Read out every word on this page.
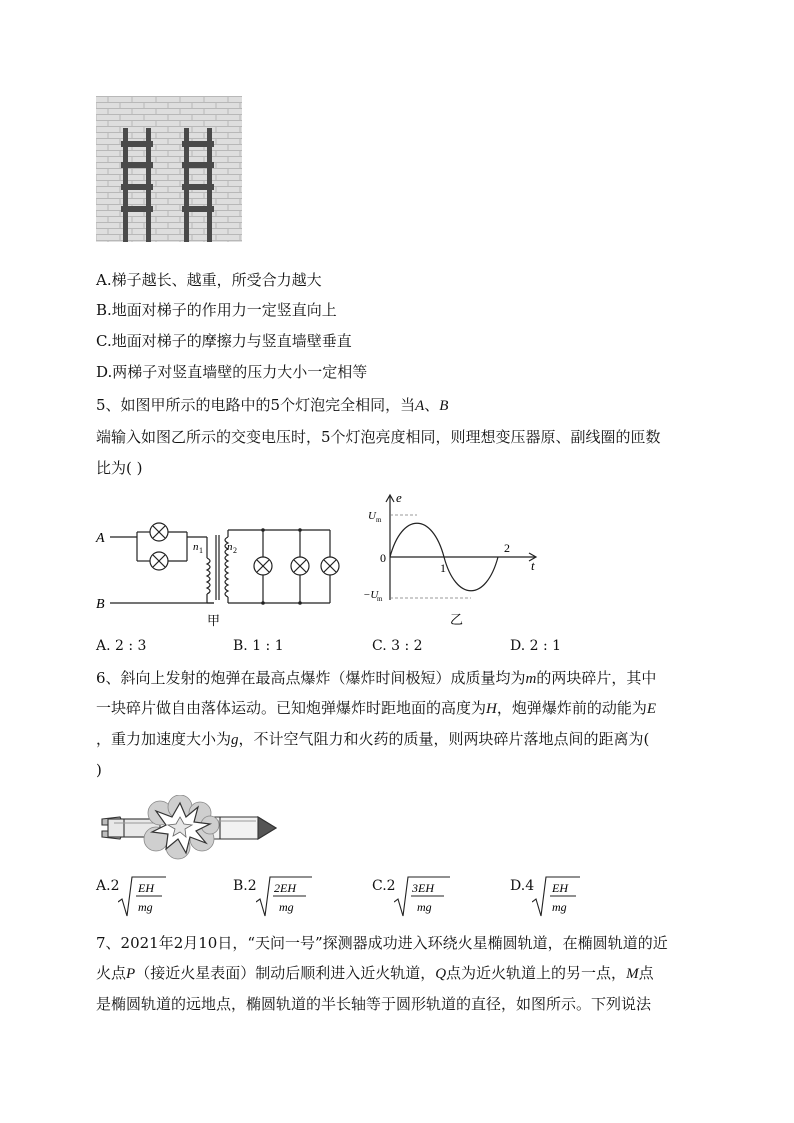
A.梯子越长、越重，所受合力越大
B.地面对梯子的作用力一定竖直向上
C.地面对梯子的摩擦力与竖直墙壁垂直
D.两梯子对竖直墙壁的压力大小一定相等
5、如图甲所示的电路中的5个灯泡完全相同，当A、B
端输入如图乙所示的交变电压时，5个灯泡亮度相同，则理想变压器原、副线圈的匝数
比为( )
A
B
n 1 n 2
甲
e
U m
0
1
2
t
−U
m
乙
A. 2 : 3	B. 1 : 1	C. 3 : 2	D. 2 : 1
6、斜向上发射的炮弹在最高点爆炸（爆炸时间极短）成质量均为m的两块碎片，其中
一块碎片做自由落体运动。已知炮弹爆炸时距地面的高度为H，炮弹爆炸前的动能为E
，重力加速度大小为g，不计空气阻力和火药的质量，则两块碎片落地点间的距离为(
)
A.2 EH
mg
B.2 2EH
mg
C.2 3EH
mg
D.4 EH
mg
7、2021年2月10日，“天问一号”探测器成功进入环绕火星椭圆轨道，在椭圆轨道的近
火点P（接近火星表面）制动后顺利进入近火轨道，Q点为近火轨道上的另一点，M点
是椭圆轨道的远地点，椭圆轨道的半长轴等于圆形轨道的直径，如图所示。下列说法
